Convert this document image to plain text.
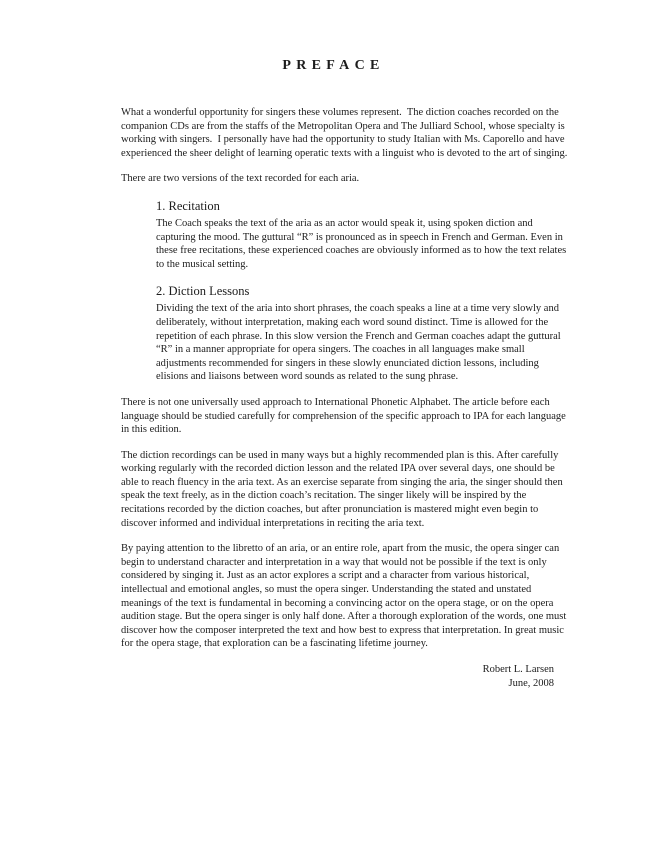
PREFACE

What a wonderful opportunity for singers these volumes represent.  The diction coaches recorded on the companion CDs are from the staffs of the Metropolitan Opera and The Julliard School, whose specialty is working with singers.  I personally have had the opportunity to study Italian with Ms. Caporello and have experienced the sheer delight of learning operatic texts with a linguist who is devoted to the art of singing.

There are two versions of the text recorded for each aria.

1. Recitation

The Coach speaks the text of the aria as an actor would speak it, using spoken diction and capturing the mood. The guttural “R” is pronounced as in speech in French and German. Even in these free recitations, these experienced coaches are obviously informed as to how the text relates to the musical setting.

2. Diction Lessons

Dividing the text of the aria into short phrases, the coach speaks a line at a time very slowly and deliberately, without interpretation, making each word sound distinct. Time is allowed for the repetition of each phrase. In this slow version the French and German coaches adapt the guttural “R” in a manner appropriate for opera singers. The coaches in all languages make small adjustments recommended for singers in these slowly enunciated diction lessons, including elisions and liaisons between word sounds as related to the sung phrase.

There is not one universally used approach to International Phonetic Alphabet. The article before each language should be studied carefully for comprehension of the specific approach to IPA for each language in this edition.

The diction recordings can be used in many ways but a highly recommended plan is this. After carefully working regularly with the recorded diction lesson and the related IPA over several days, one should be able to reach fluency in the aria text. As an exercise separate from singing the aria, the singer should then speak the text freely, as in the diction coach’s recitation. The singer likely will be inspired by the recitations recorded by the diction coaches, but after pronunciation is mastered might even begin to discover informed and individual interpretations in reciting the aria text.

By paying attention to the libretto of an aria, or an entire role, apart from the music, the opera singer can begin to understand character and interpretation in a way that would not be possible if the text is only considered by singing it. Just as an actor explores a script and a character from various historical, intellectual and emotional angles, so must the opera singer. Understanding the stated and unstated meanings of the text is fundamental in becoming a convincing actor on the opera stage, or on the opera audition stage. But the opera singer is only half done. After a thorough exploration of the words, one must discover how the composer interpreted the text and how best to express that interpretation. In great music for the opera stage, that exploration can be a fascinating lifetime journey.

Robert L. Larsen
June, 2008
